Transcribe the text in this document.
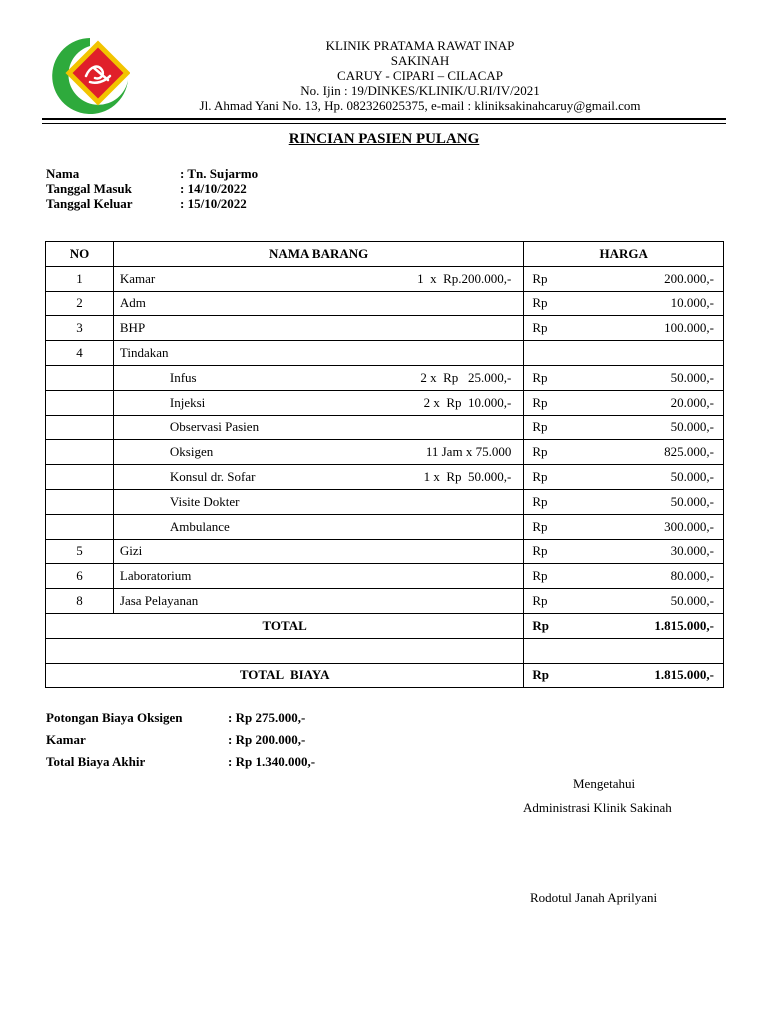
KLINIK PRATAMA RAWAT INAP
SAKINAH
CARUY - CIPARI – CILACAP
No. Ijin : 19/DINKES/KLINIK/U.RI/IV/2021
Jl. Ahmad Yani No. 13, Hp. 082326025375, e-mail : kliniksakinahcaruy@gmail.com
RINCIAN PASIEN PULANG
Nama	: Tn. Sujarmo
Tanggal Masuk	: 14/10/2022
Tanggal Keluar	: 15/10/2022
NO	NAMA BARANG	HARGA
1	Kamar 1  x  Rp.200.000,-	Rp 200.000,-

2	Adm	Rp 10.000,-

3	BHP	Rp 100.000,-

4	Tindakan	

	Infus 2 x  Rp   25.000,-	Rp 50.000,-

	Injeksi 2 x  Rp  10.000,-	Rp 20.000,-

	Observasi Pasien	Rp 50.000,-

	Oksigen 11 Jam x 75.000	Rp 825.000,-

	Konsul dr. Sofar 1 x  Rp  50.000,-	Rp 50.000,-

	Visite Dokter	Rp 50.000,-

	Ambulance	Rp 300.000,-

5	Gizi	Rp 30.000,-

6	Laboratorium	Rp 80.000,-

8	Jasa Pelayanan	Rp 50.000,-

TOTAL		Rp 1.815.000,-

TOTAL  BIAYA		Rp 1.815.000,-
Potongan Biaya Oksigen	: Rp 275.000,-
Kamar	: Rp 200.000,-
Total Biaya Akhir	: Rp 1.340.000,-
Mengetahui
Administrasi Klinik Sakinah
Rodotul Janah Aprilyani
